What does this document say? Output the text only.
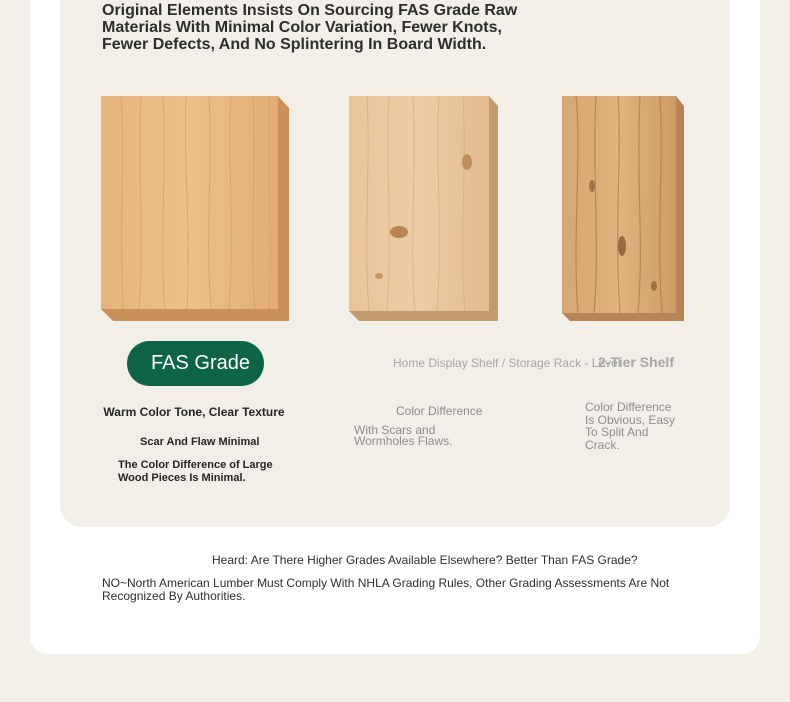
Original Elements Insists On Sourcing FAS Grade Raw Materials With Minimal Color Variation, Fewer Knots, Fewer Defects, And No Splintering In Board Width.

FAS Grade

Warm Color Tone, Clear Texture

Scar And Flaw Minimal

The Color Difference of Large Wood Pieces Is Minimal.

Home Display Shelf / Storage Rack - Level

Color Difference

With Scars and Wormholes Flaws.

2-Tier Shelf

Color Difference Is Obvious, Easy To Split And Crack.

Heard: Are There Higher Grades Available Elsewhere? Better Than FAS Grade?

NO~North American Lumber Must Comply With NHLA Grading Rules, Other Grading Assessments Are Not Recognized By Authorities.
